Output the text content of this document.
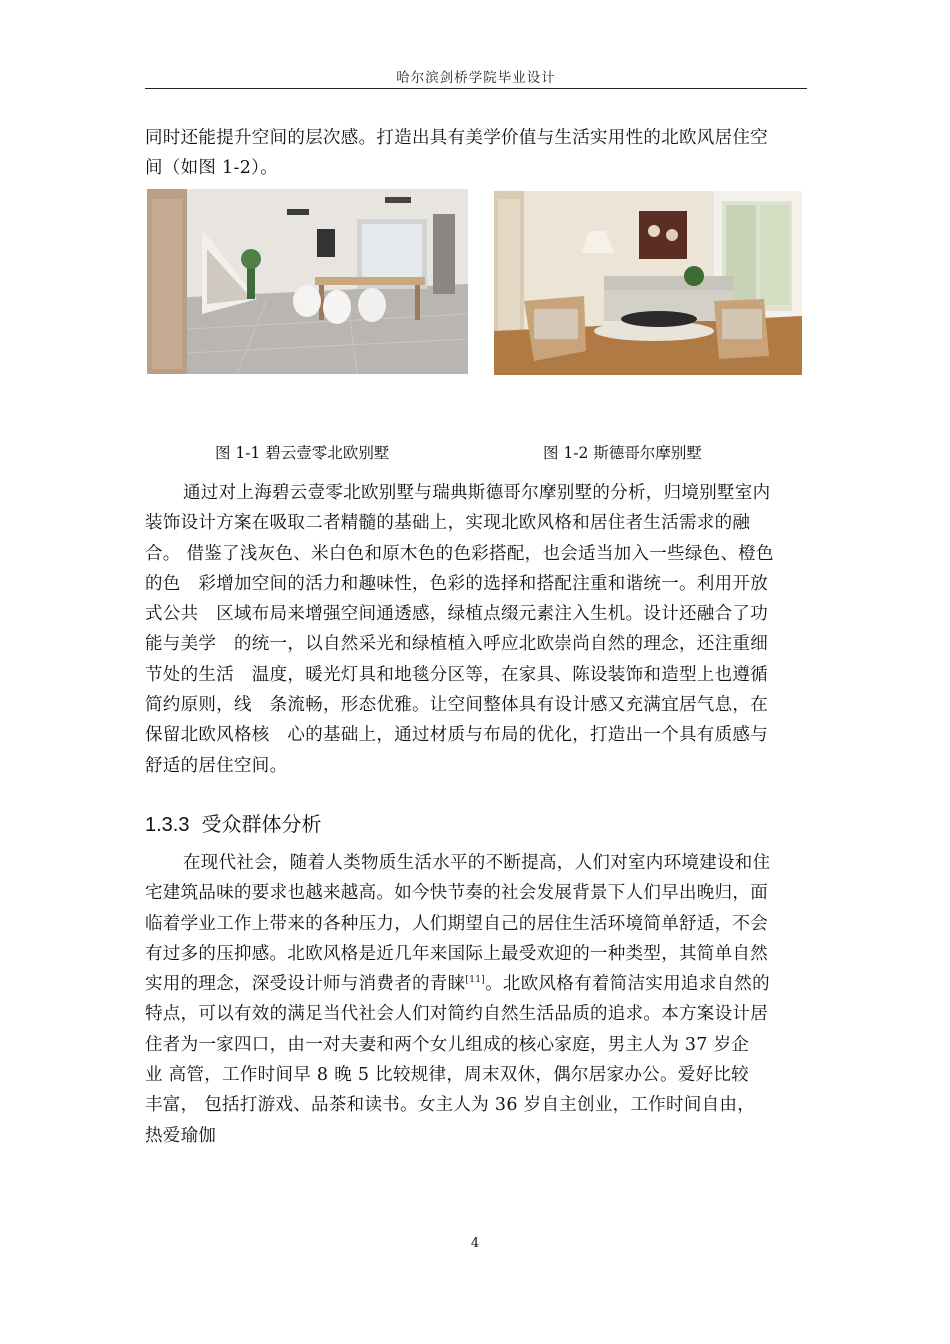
哈尔滨剑桥学院毕业设计

同时还能提升空间的层次感。打造出具有美学价值与生活实用性的北欧风居住空
间（如图 1-2）。

图 1-1 碧云壹零北欧别墅	图 1-2 斯德哥尔摩别墅

通过对上海碧云壹零北欧别墅与瑞典斯德哥尔摩别墅的分析，归境别墅室内
装饰设计方案在吸取二者精髓的基础上，实现北欧风格和居住者生活需求的融
合。 借鉴了浅灰色、米白色和原木色的色彩搭配，也会适当加入一些绿色、橙色
的色　彩增加空间的活力和趣味性，色彩的选择和搭配注重和谐统一。利用开放
式公共　区域布局来增强空间通透感，绿植点缀元素注入生机。设计还融合了功
能与美学　的统一，以自然采光和绿植植入呼应北欧崇尚自然的理念，还注重细
节处的生活　温度，暖光灯具和地毯分区等，在家具、陈设装饰和造型上也遵循
简约原则，线　条流畅，形态优雅。让空间整体具有设计感又充满宜居气息，在
保留北欧风格核　心的基础上，通过材质与布局的优化，打造出一个具有质感与
舒适的居住空间。

1.3.3 受众群体分析

在现代社会，随着人类物质生活水平的不断提高，人们对室内环境建设和住
宅建筑品味的要求也越来越高。如今快节奏的社会发展背景下人们早出晚归，面
临着学业工作上带来的各种压力，人们期望自己的居住生活环境简单舒适，不会
有过多的压抑感。北欧风格是近几年来国际上最受欢迎的一种类型，其简单自然
实用的理念，深受设计师与消费者的青睐[11]。北欧风格有着简洁实用追求自然的
特点，可以有效的满足当代社会人们对简约自然生活品质的追求。本方案设计居
住者为一家四口，由一对夫妻和两个女儿组成的核心家庭，男主人为 37 岁企
业 高管，工作时间早 8 晚 5 比较规律，周末双休，偶尔居家办公。爱好比较
丰富， 包括打游戏、品茶和读书。女主人为 36 岁自主创业，工作时间自由，
热爱瑜伽

4
